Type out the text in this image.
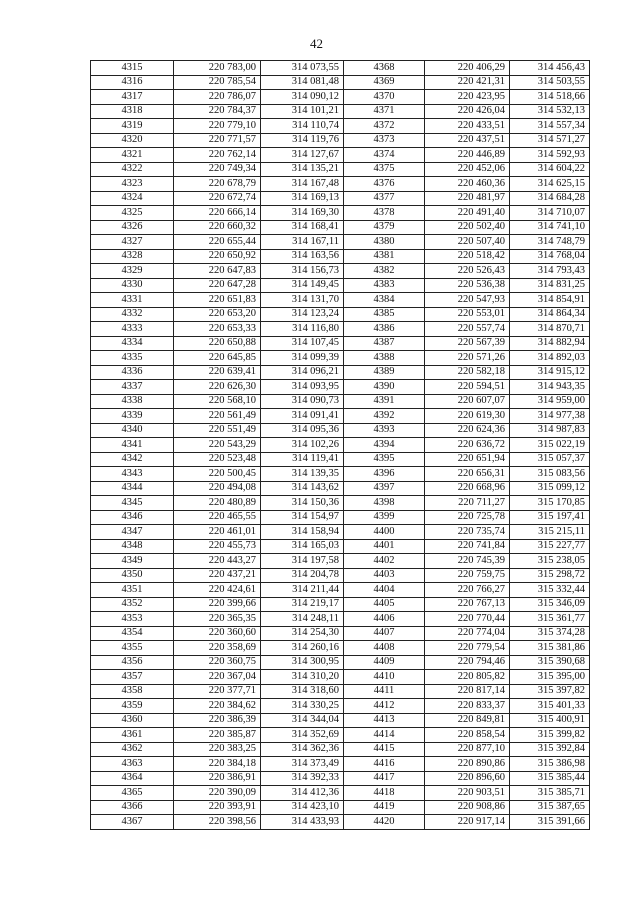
42
4315	220 783,00	314 073,55	4368	220 406,29	314 456,43
4316	220 785,54	314 081,48	4369	220 421,31	314 503,55
4317	220 786,07	314 090,12	4370	220 423,95	314 518,66
4318	220 784,37	314 101,21	4371	220 426,04	314 532,13
4319	220 779,10	314 110,74	4372	220 433,51	314 557,34
4320	220 771,57	314 119,76	4373	220 437,51	314 571,27
4321	220 762,14	314 127,67	4374	220 446,89	314 592,93
4322	220 749,34	314 135,21	4375	220 452,06	314 604,22
4323	220 678,79	314 167,48	4376	220 460,36	314 625,15
4324	220 672,74	314 169,13	4377	220 481,97	314 684,28
4325	220 666,14	314 169,30	4378	220 491,40	314 710,07
4326	220 660,32	314 168,41	4379	220 502,40	314 741,10
4327	220 655,44	314 167,11	4380	220 507,40	314 748,79
4328	220 650,92	314 163,56	4381	220 518,42	314 768,04
4329	220 647,83	314 156,73	4382	220 526,43	314 793,43
4330	220 647,28	314 149,45	4383	220 536,38	314 831,25
4331	220 651,83	314 131,70	4384	220 547,93	314 854,91
4332	220 653,20	314 123,24	4385	220 553,01	314 864,34
4333	220 653,33	314 116,80	4386	220 557,74	314 870,71
4334	220 650,88	314 107,45	4387	220 567,39	314 882,94
4335	220 645,85	314 099,39	4388	220 571,26	314 892,03
4336	220 639,41	314 096,21	4389	220 582,18	314 915,12
4337	220 626,30	314 093,95	4390	220 594,51	314 943,35
4338	220 568,10	314 090,73	4391	220 607,07	314 959,00
4339	220 561,49	314 091,41	4392	220 619,30	314 977,38
4340	220 551,49	314 095,36	4393	220 624,36	314 987,83
4341	220 543,29	314 102,26	4394	220 636,72	315 022,19
4342	220 523,48	314 119,41	4395	220 651,94	315 057,37
4343	220 500,45	314 139,35	4396	220 656,31	315 083,56
4344	220 494,08	314 143,62	4397	220 668,96	315 099,12
4345	220 480,89	314 150,36	4398	220 711,27	315 170,85
4346	220 465,55	314 154,97	4399	220 725,78	315 197,41
4347	220 461,01	314 158,94	4400	220 735,74	315 215,11
4348	220 455,73	314 165,03	4401	220 741,84	315 227,77
4349	220 443,27	314 197,58	4402	220 745,39	315 238,05
4350	220 437,21	314 204,78	4403	220 759,75	315 298,72
4351	220 424,61	314 211,44	4404	220 766,27	315 332,44
4352	220 399,66	314 219,17	4405	220 767,13	315 346,09
4353	220 365,35	314 248,11	4406	220 770,44	315 361,77
4354	220 360,60	314 254,30	4407	220 774,04	315 374,28
4355	220 358,69	314 260,16	4408	220 779,54	315 381,86
4356	220 360,75	314 300,95	4409	220 794,46	315 390,68
4357	220 367,04	314 310,20	4410	220 805,82	315 395,00
4358	220 377,71	314 318,60	4411	220 817,14	315 397,82
4359	220 384,62	314 330,25	4412	220 833,37	315 401,33
4360	220 386,39	314 344,04	4413	220 849,81	315 400,91
4361	220 385,87	314 352,69	4414	220 858,54	315 399,82
4362	220 383,25	314 362,36	4415	220 877,10	315 392,84
4363	220 384,18	314 373,49	4416	220 890,86	315 386,98
4364	220 386,91	314 392,33	4417	220 896,60	315 385,44
4365	220 390,09	314 412,36	4418	220 903,51	315 385,71
4366	220 393,91	314 423,10	4419	220 908,86	315 387,65
4367	220 398,56	314 433,93	4420	220 917,14	315 391,66
